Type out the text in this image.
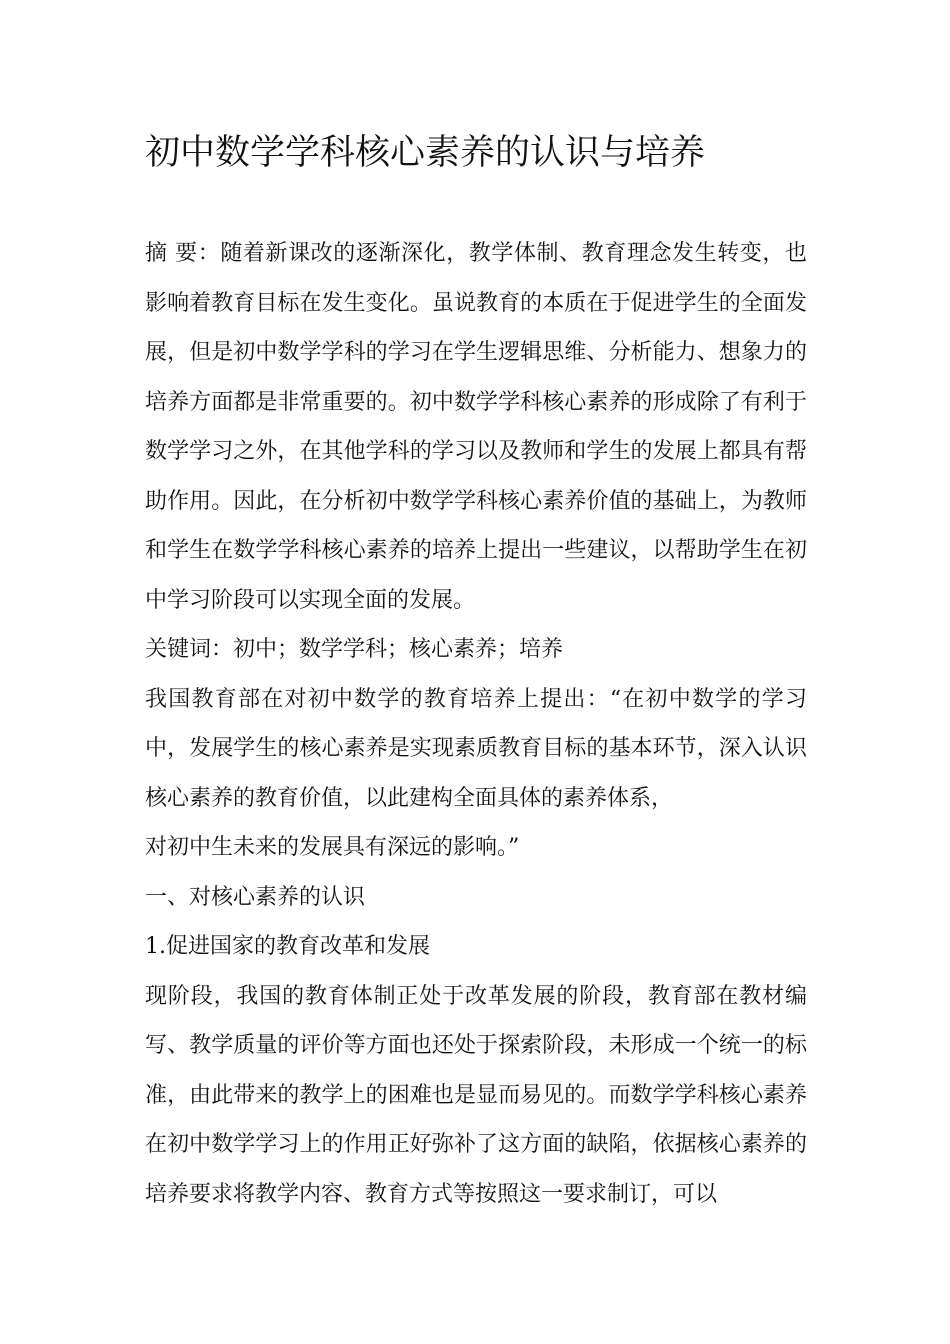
初中数学学科核心素养的认识与培养

摘 要：随着新课改的逐渐深化，教学体制、教育理念发生转变，也影响着教育目标在发生变化。虽说教育的本质在于促进学生的全面发展，但是初中数学学科的学习在学生逻辑思维、分析能力、想象力的培养方面都是非常重要的。初中数学学科核心素养的形成除了有利于数学学习之外，在其他学科的学习以及教师和学生的发展上都具有帮助作用。因此，在分析初中数学学科核心素养价值的基础上，为教师和学生在数学学科核心素养的培养上提出一些建议，以帮助学生在初中学习阶段可以实现全面的发展。

关键词：初中；数学学科；核心素养；培养

我国教育部在对初中数学的教育培养上提出：“在初中数学的学习中，发展学生的核心素养是实现素质教育目标的基本环节，深入认识核心素养的教育价值，以此建构全面具体的素养体系，

对初中生未来的发展具有深远的影响。”

一、对核心素养的认识

1.促进国家的教育改革和发展

现阶段，我国的教育体制正处于改革发展的阶段，教育部在教材编写、教学质量的评价等方面也还处于探索阶段，未形成一个统一的标准，由此带来的教学上的困难也是显而易见的。而数学学科核心素养在初中数学学习上的作用正好弥补了这方面的缺陷，依据核心素养的培养要求将教学内容、教育方式等按照这一要求制订，可以
